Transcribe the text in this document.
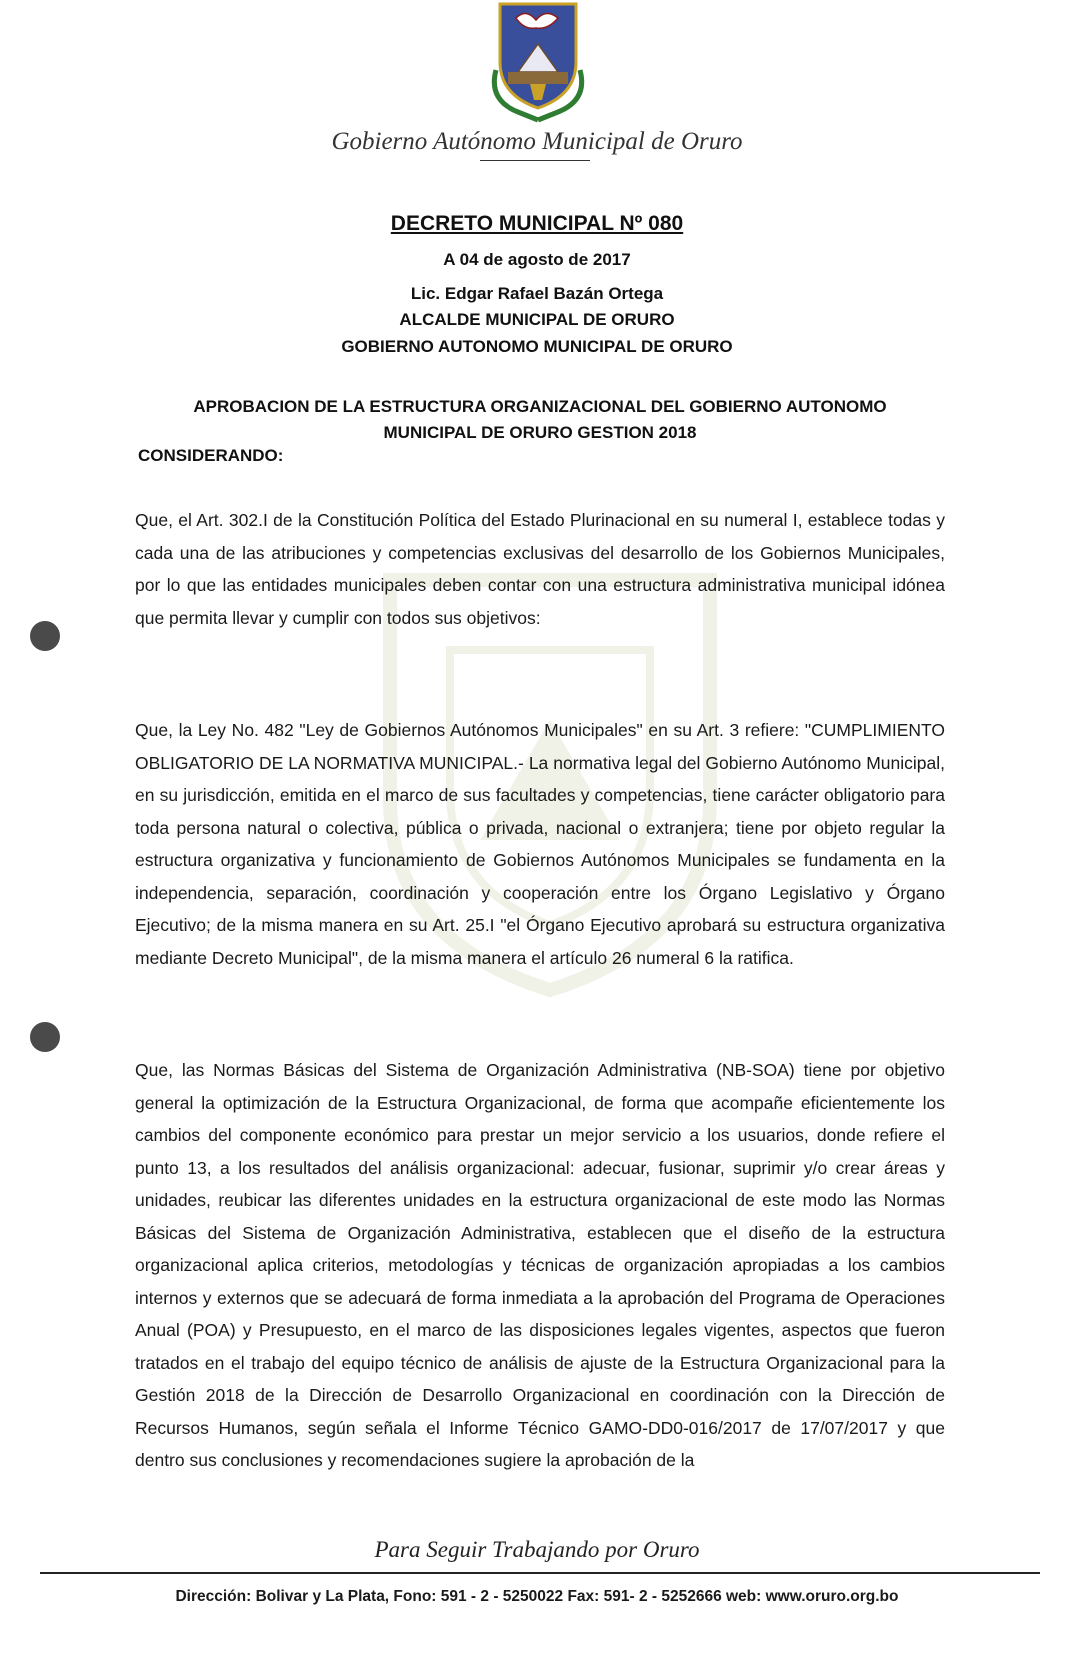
Gobierno Autónomo Municipal de Oruro
DECRETO MUNICIPAL Nº 080
A 04 de agosto de 2017
Lic. Edgar Rafael Bazán Ortega
ALCALDE MUNICIPAL DE ORURO
GOBIERNO AUTONOMO MUNICIPAL DE ORURO
APROBACION DE LA ESTRUCTURA ORGANIZACIONAL DEL GOBIERNO AUTONOMO MUNICIPAL DE ORURO GESTION 2018
CONSIDERANDO:
Que, el Art. 302.I de la Constitución Política del Estado Plurinacional en su numeral I, establece todas y cada una de las atribuciones y competencias exclusivas del desarrollo de los Gobiernos Municipales, por lo que las entidades municipales deben contar con una estructura administrativa municipal idónea que permita llevar y cumplir con todos sus objetivos:
Que, la Ley No. 482 "Ley de Gobiernos Autónomos Municipales" en su Art. 3 refiere: "CUMPLIMIENTO OBLIGATORIO DE LA NORMATIVA MUNICIPAL.- La normativa legal del Gobierno Autónomo Municipal, en su jurisdicción, emitida en el marco de sus facultades y competencias, tiene carácter obligatorio para toda persona natural o colectiva, pública o privada, nacional o extranjera; tiene por objeto regular la estructura organizativa y funcionamiento de Gobiernos Autónomos Municipales se fundamenta en la independencia, separación, coordinación y cooperación entre los Órgano Legislativo y Órgano Ejecutivo; de la misma manera en su Art. 25.I "el Órgano Ejecutivo aprobará su estructura organizativa mediante Decreto Municipal", de la misma manera el artículo 26 numeral 6 la ratifica.
Que, las Normas Básicas del Sistema de Organización Administrativa (NB-SOA) tiene por objetivo general la optimización de la Estructura Organizacional, de forma que acompañe eficientemente los cambios del componente económico para prestar un mejor servicio a los usuarios, donde refiere el punto 13, a los resultados del análisis organizacional: adecuar, fusionar, suprimir y/o crear áreas y unidades, reubicar las diferentes unidades en la estructura organizacional de este modo las Normas Básicas del Sistema de Organización Administrativa, establecen que el diseño de la estructura organizacional aplica criterios, metodologías y técnicas de organización apropiadas a los cambios internos y externos que se adecuará de forma inmediata a la aprobación del Programa de Operaciones Anual (POA) y Presupuesto, en el marco de las disposiciones legales vigentes, aspectos que fueron tratados en el trabajo del equipo técnico de análisis de ajuste de la Estructura Organizacional para la Gestión 2018 de la Dirección de Desarrollo Organizacional en coordinación con la Dirección de Recursos Humanos, según señala el Informe Técnico GAMO-DD0-016/2017 de 17/07/2017 y que dentro sus conclusiones y recomendaciones sugiere la aprobación de la
Para Seguir Trabajando por Oruro
Dirección: Bolivar y La Plata, Fono: 591 - 2 - 5250022 Fax: 591- 2 - 5252666 web: www.oruro.org.bo
